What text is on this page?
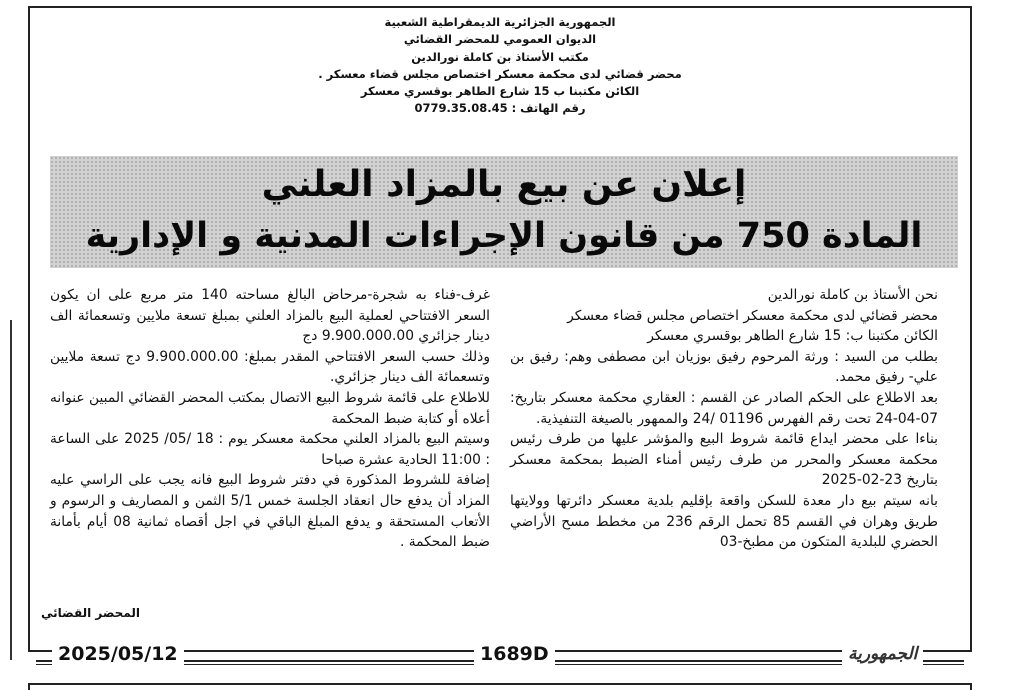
الجمهورية الجزائرية الديمقراطية الشعبية
الديوان العمومي للمحضر القضائي
مكتب الأستاذ بن كاملة نورالدين
محضر قضائي لدى محكمة معسكر اختصاص مجلس قضاء معسكر .
الكائن مكتبنا ب 15 شارع الطاهر بوقسري معسكر
رقم الهاتف : 0779.35.08.45
إعلان عن بيع بالمزاد العلني
المادة 750 من قانون الإجراءات المدنية و الإدارية

نحن الأستاذ بن كاملة نورالدين

محضر قضائي لدى محكمة معسكر اختصاص مجلس قضاء معسكر

الكائن مكتبنا ب: 15 شارع الطاهر بوقسري معسكر

بطلب من السيد : ورثة المرحوم رفيق بوزيان ابن مصطفى وهم: رفيق بن علي- رفيق محمد.

بعد الاطلاع على الحكم الصادر عن القسم : العقاري محكمة معسكر بتاريخ: 07-04-24 تحت رقم الفهرس 01196 /24 والممهور بالصيغة التنفيذية.

بناءا على محضر ايداع قائمة شروط البيع والمؤشر عليها من طرف رئيس محكمة معسكر والمحرر من طرف رئيس أمناء الضبط بمحكمة معسكر بتاريخ 23-02-2025

بانه سيتم بيع دار معدة للسكن واقعة بإقليم بلدية معسكر دائرتها وولايتها طريق وهران في القسم 85 تحمل الرقم 236 من مخطط مسح الأراضي الحضري للبلدية المتكون من مطبخ-03

غرف-فناء به شجرة-مرحاض البالغ مساحته 140 متر مربع على ان يكون السعر الافتتاحي لعملية البيع بالمزاد العلني بمبلغ تسعة ملايين وتسعمائة الف دينار جزائري 9.900.000.00 دج

وذلك حسب السعر الافتتاحي المقدر بمبلغ: 9.900.000.00 دج تسعة ملايين وتسعمائة الف دينار جزائري.

للاطلاع على قائمة شروط البيع الاتصال بمكتب المحضر القضائي المبين عنوانه أعلاه أو كتابة ضبط المحكمة

وسيتم البيع بالمزاد العلني محكمة معسكر يوم : 18 /05/ 2025 على الساعة : 11:00 الحادية عشرة صباحا

إضافة للشروط المذكورة في دفتر شروط البيع فانه يجب على الراسي عليه المزاد أن يدفع حال انعقاد الجلسة خمس 5/1 الثمن و المصاريف و الرسوم و الأتعاب المستحقة و يدفع المبلغ الباقي في اجل أقصاه ثمانية 08 أيام بأمانة ضبط المحكمة .

المحضر القضائي
2025/05/12	1689D	الجمهورية
